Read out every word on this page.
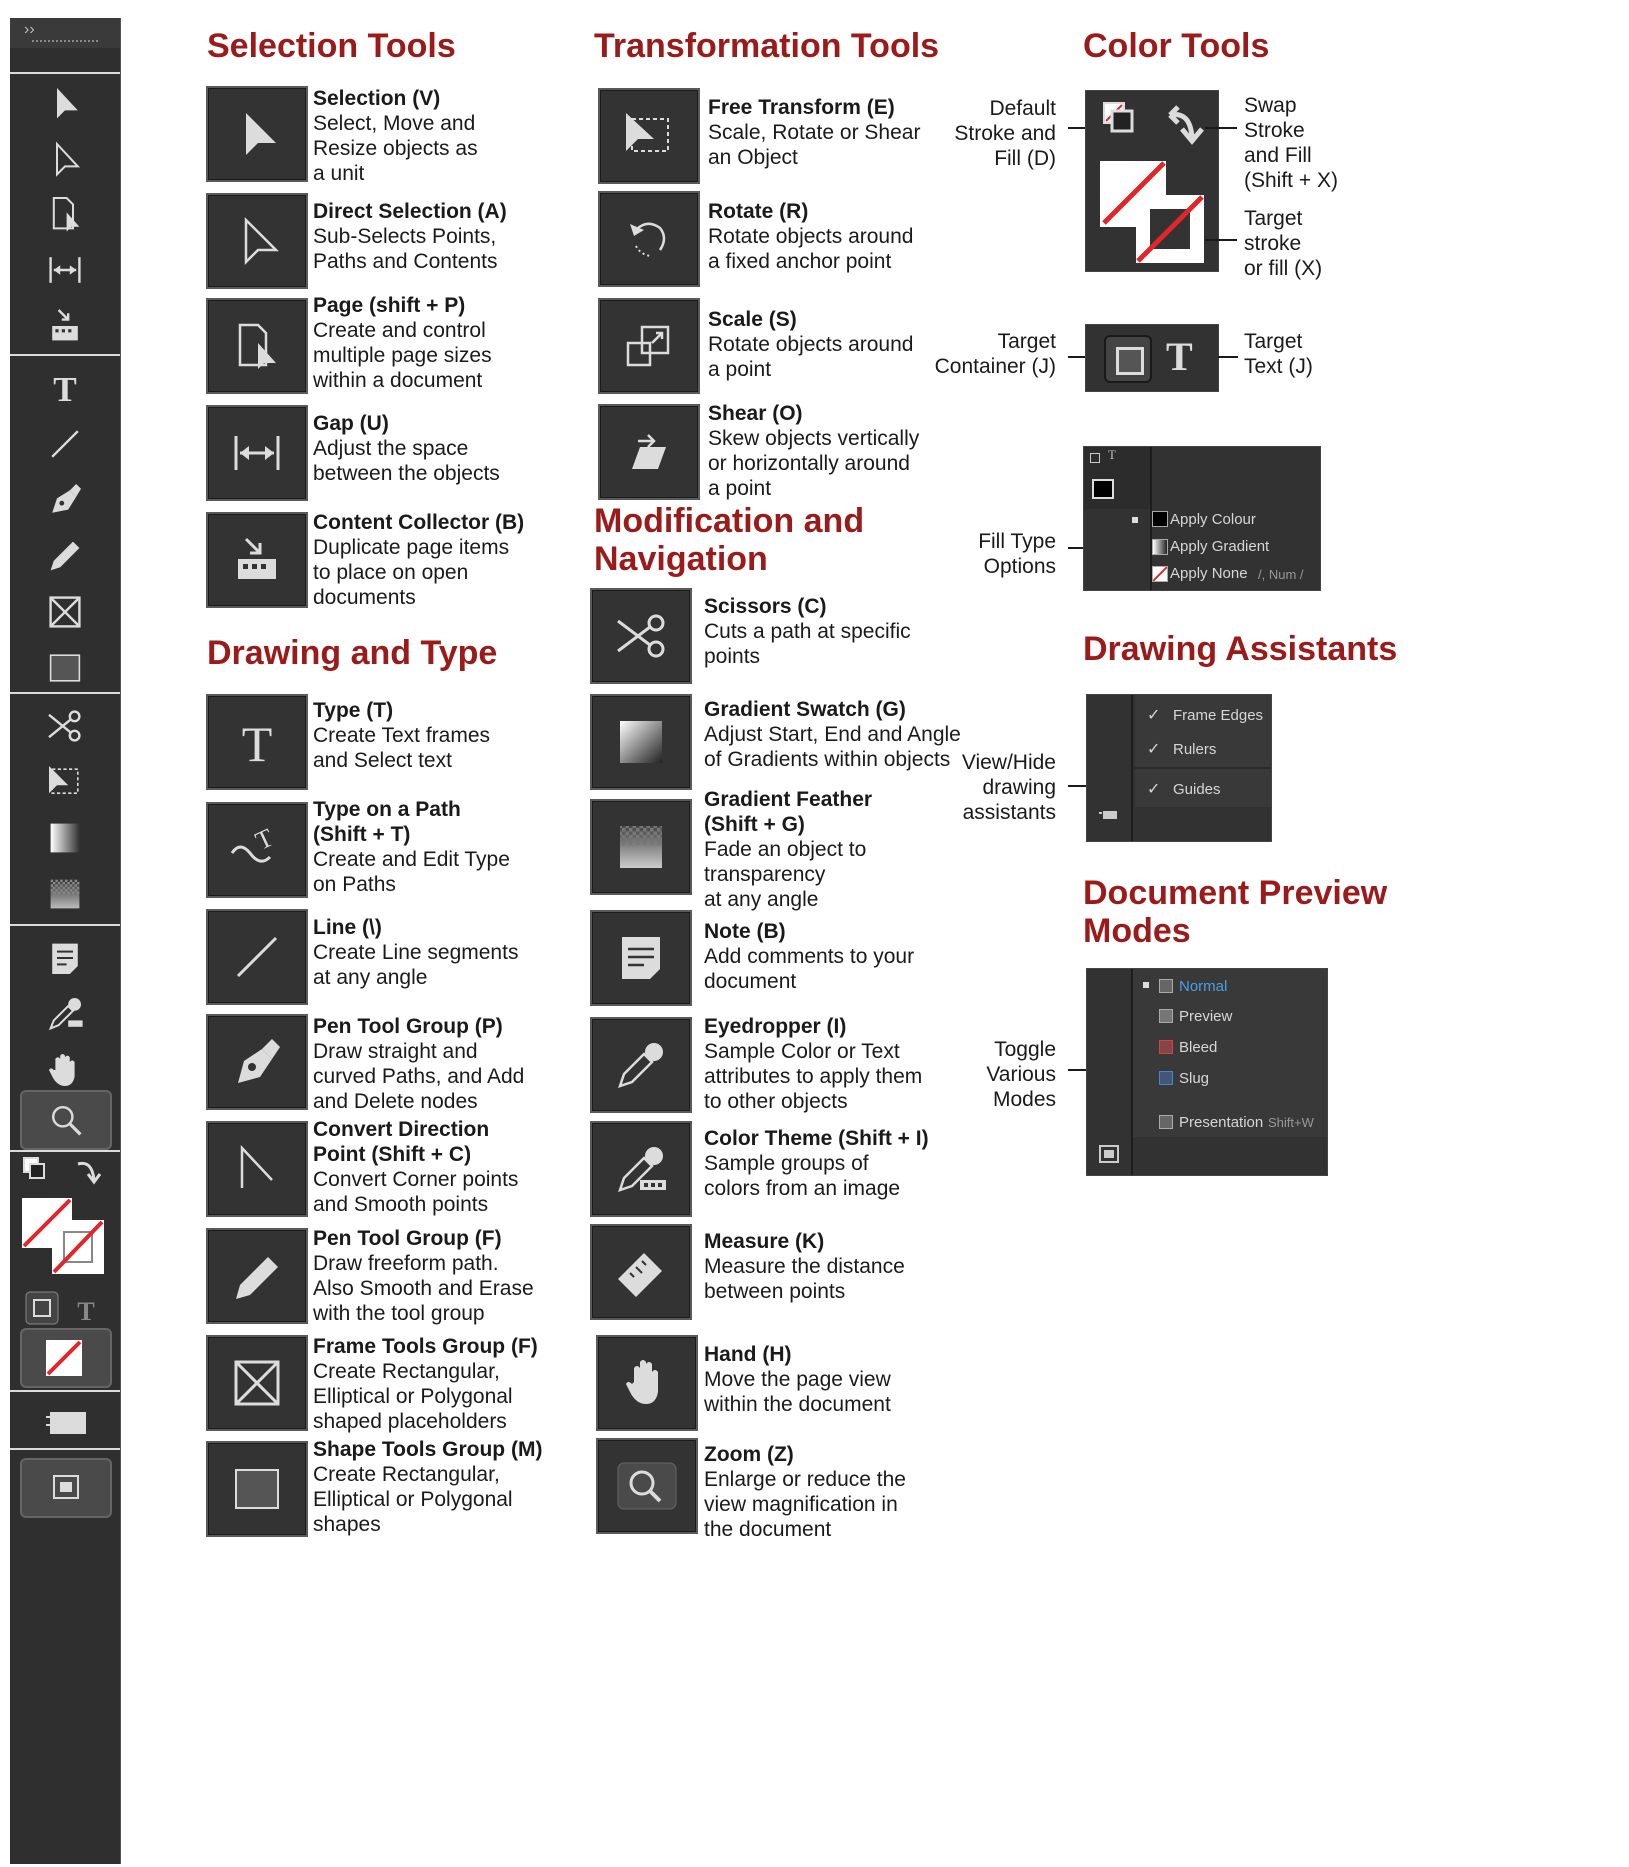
››
T
T
Selection Tools
Drawing and Type
Transformation Tools
Modification and
Navigation
Color Tools
Drawing Assistants
Document Preview
Modes
Selection (V)
Select, Move and
Resize objects as
a unit
Direct Selection (A)
Sub-Selects Points,
Paths and Contents
Page (shift + P)
Create and control
multiple page sizes
within a document
Gap (U)
Adjust the space
between the objects
Content Collector (B)
Duplicate page items
to place on open
documents
T
Type (T)
Create Text frames
and Select text
T
Type on a Path
(Shift + T)
Create and Edit Type
on Paths
Line (\)
Create Line segments
at any angle
Pen Tool Group (P)
Draw straight and
curved Paths, and Add
and Delete nodes
Convert Direction
Point (Shift + C)
Convert Corner points
and Smooth points
Pen Tool Group (F)
Draw freeform path.
Also Smooth and Erase
with the tool group
Frame Tools Group (F)
Create Rectangular,
Elliptical or Polygonal
shaped placeholders
Shape Tools Group (M)
Create Rectangular,
Elliptical or Polygonal
shapes
Free Transform (E)
Scale, Rotate or Shear
an Object
Rotate (R)
Rotate objects around
a fixed anchor point
Scale (S)
Rotate objects around
a point
Shear (O)
Skew objects vertically
or horizontally around
a point
Scissors (C)
Cuts a path at specific
points
Gradient Swatch (G)
Adjust Start, End and Angle
of Gradients within objects
Gradient Feather
(Shift + G)
Fade an object to
transparency
at any angle
Note (B)
Add comments to your
document
Eyedropper (I)
Sample Color or Text
attributes to apply them
to other objects
Color Theme (Shift + I)
Sample groups of
colors from an image
Measure (K)
Measure the distance
between points
Hand (H)
Move the page view
within the document
Zoom (Z)
Enlarge or reduce the
view magnification in
the document
Default
Stroke and
Fill (D)
Swap
Stroke
and Fill
(Shift + X)
Target
stroke
or fill (X)
Target
Container (J)	T Target
Text (J)
Fill Type
Options
T
Apply Colour
Apply Gradient
Apply None /, Num /
View/Hide
drawing
assistants
✓ Frame Edges
✓ Rulers
✓ Guides
Toggle
Various
Modes
Normal
Preview
Bleed
Slug
Presentation Shift+W
